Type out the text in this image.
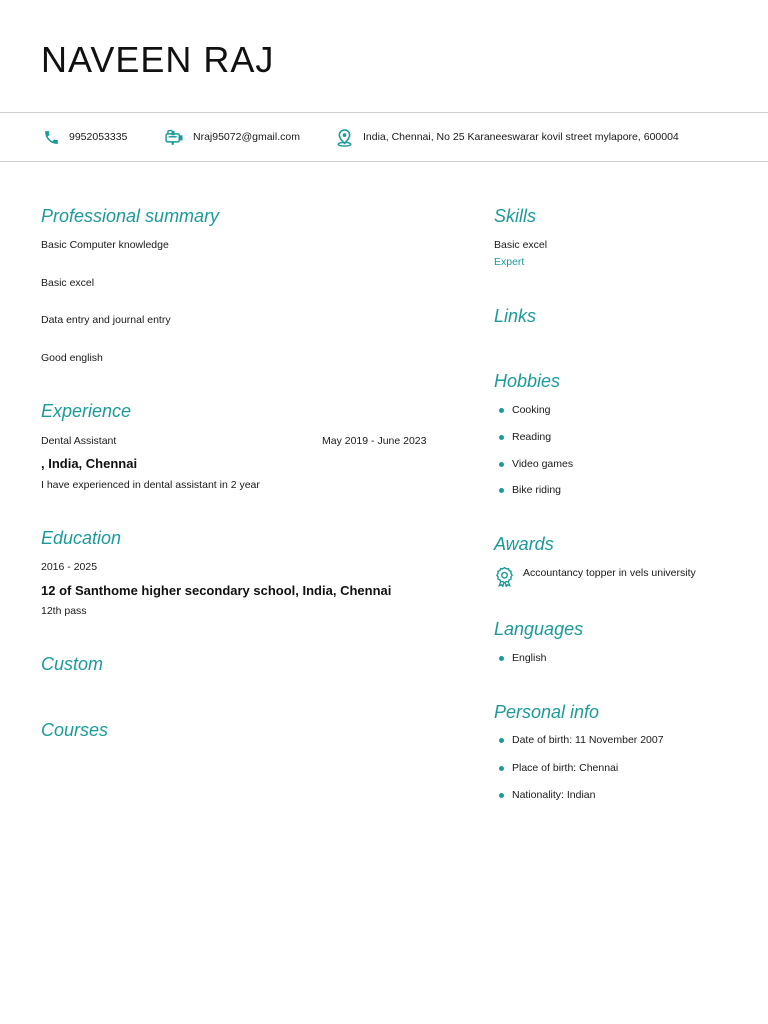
NAVEEN RAJ
9952053335	Nraj95072@gmail.com	India, Chennai, No 25 Karaneeswarar kovil street mylapore, 600004
Professional summary
Basic Computer knowledge
Basic excel
Data entry and journal entry
Good english
Experience
Dental Assistant	May 2019 - June 2023
, India, Chennai
I have experienced in dental assistant in 2 year
Education
2016 - 2025
12 of Santhome higher secondary school, India, Chennai
12th pass
Custom
Courses
Skills
Basic excel
Expert
Links
Hobbies
Cooking
Reading
Video games
Bike riding
Awards
Accountancy topper in vels university
Languages
English
Personal info
Date of birth: 11 November 2007
Place of birth: Chennai
Nationality: Indian
